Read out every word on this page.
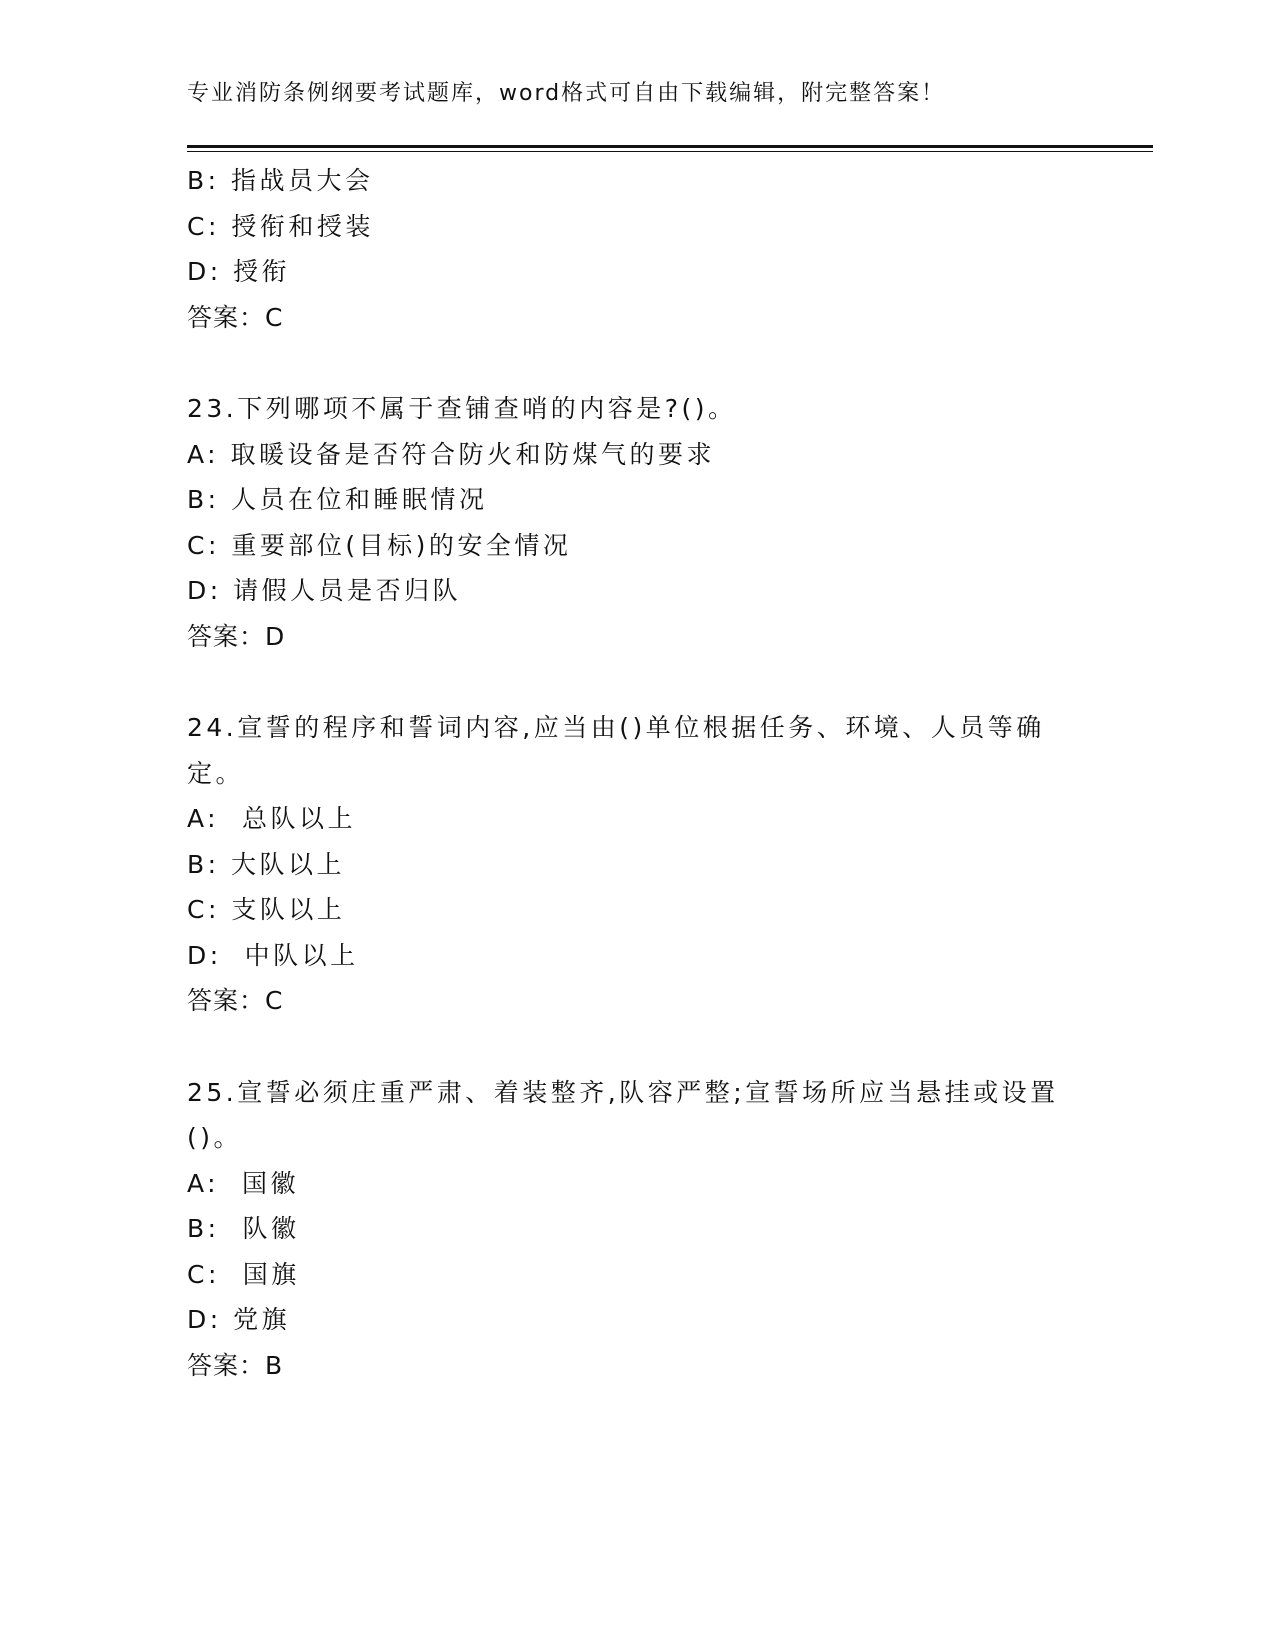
专业消防条例纲要考试题库，word格式可自由下载编辑，附完整答案！

B: 指战员大会

C: 授衔和授装

D: 授衔

答案：C

23.下列哪项不属于查铺查哨的内容是?()。

A: 取暖设备是否符合防火和防煤气的要求

B: 人员在位和睡眠情况

C: 重要部位(目标)的安全情况

D: 请假人员是否归队

答案：D

24.宣誓的程序和誓词内容,应当由()单位根据任务、环境、人员等确

定。

A:  总队以上

B: 大队以上

C: 支队以上

D:  中队以上

答案：C

25.宣誓必须庄重严肃、着装整齐,队容严整;宣誓场所应当悬挂或设置

()。

A:  国徽

B:  队徽

C:  国旗

D: 党旗

答案：B
